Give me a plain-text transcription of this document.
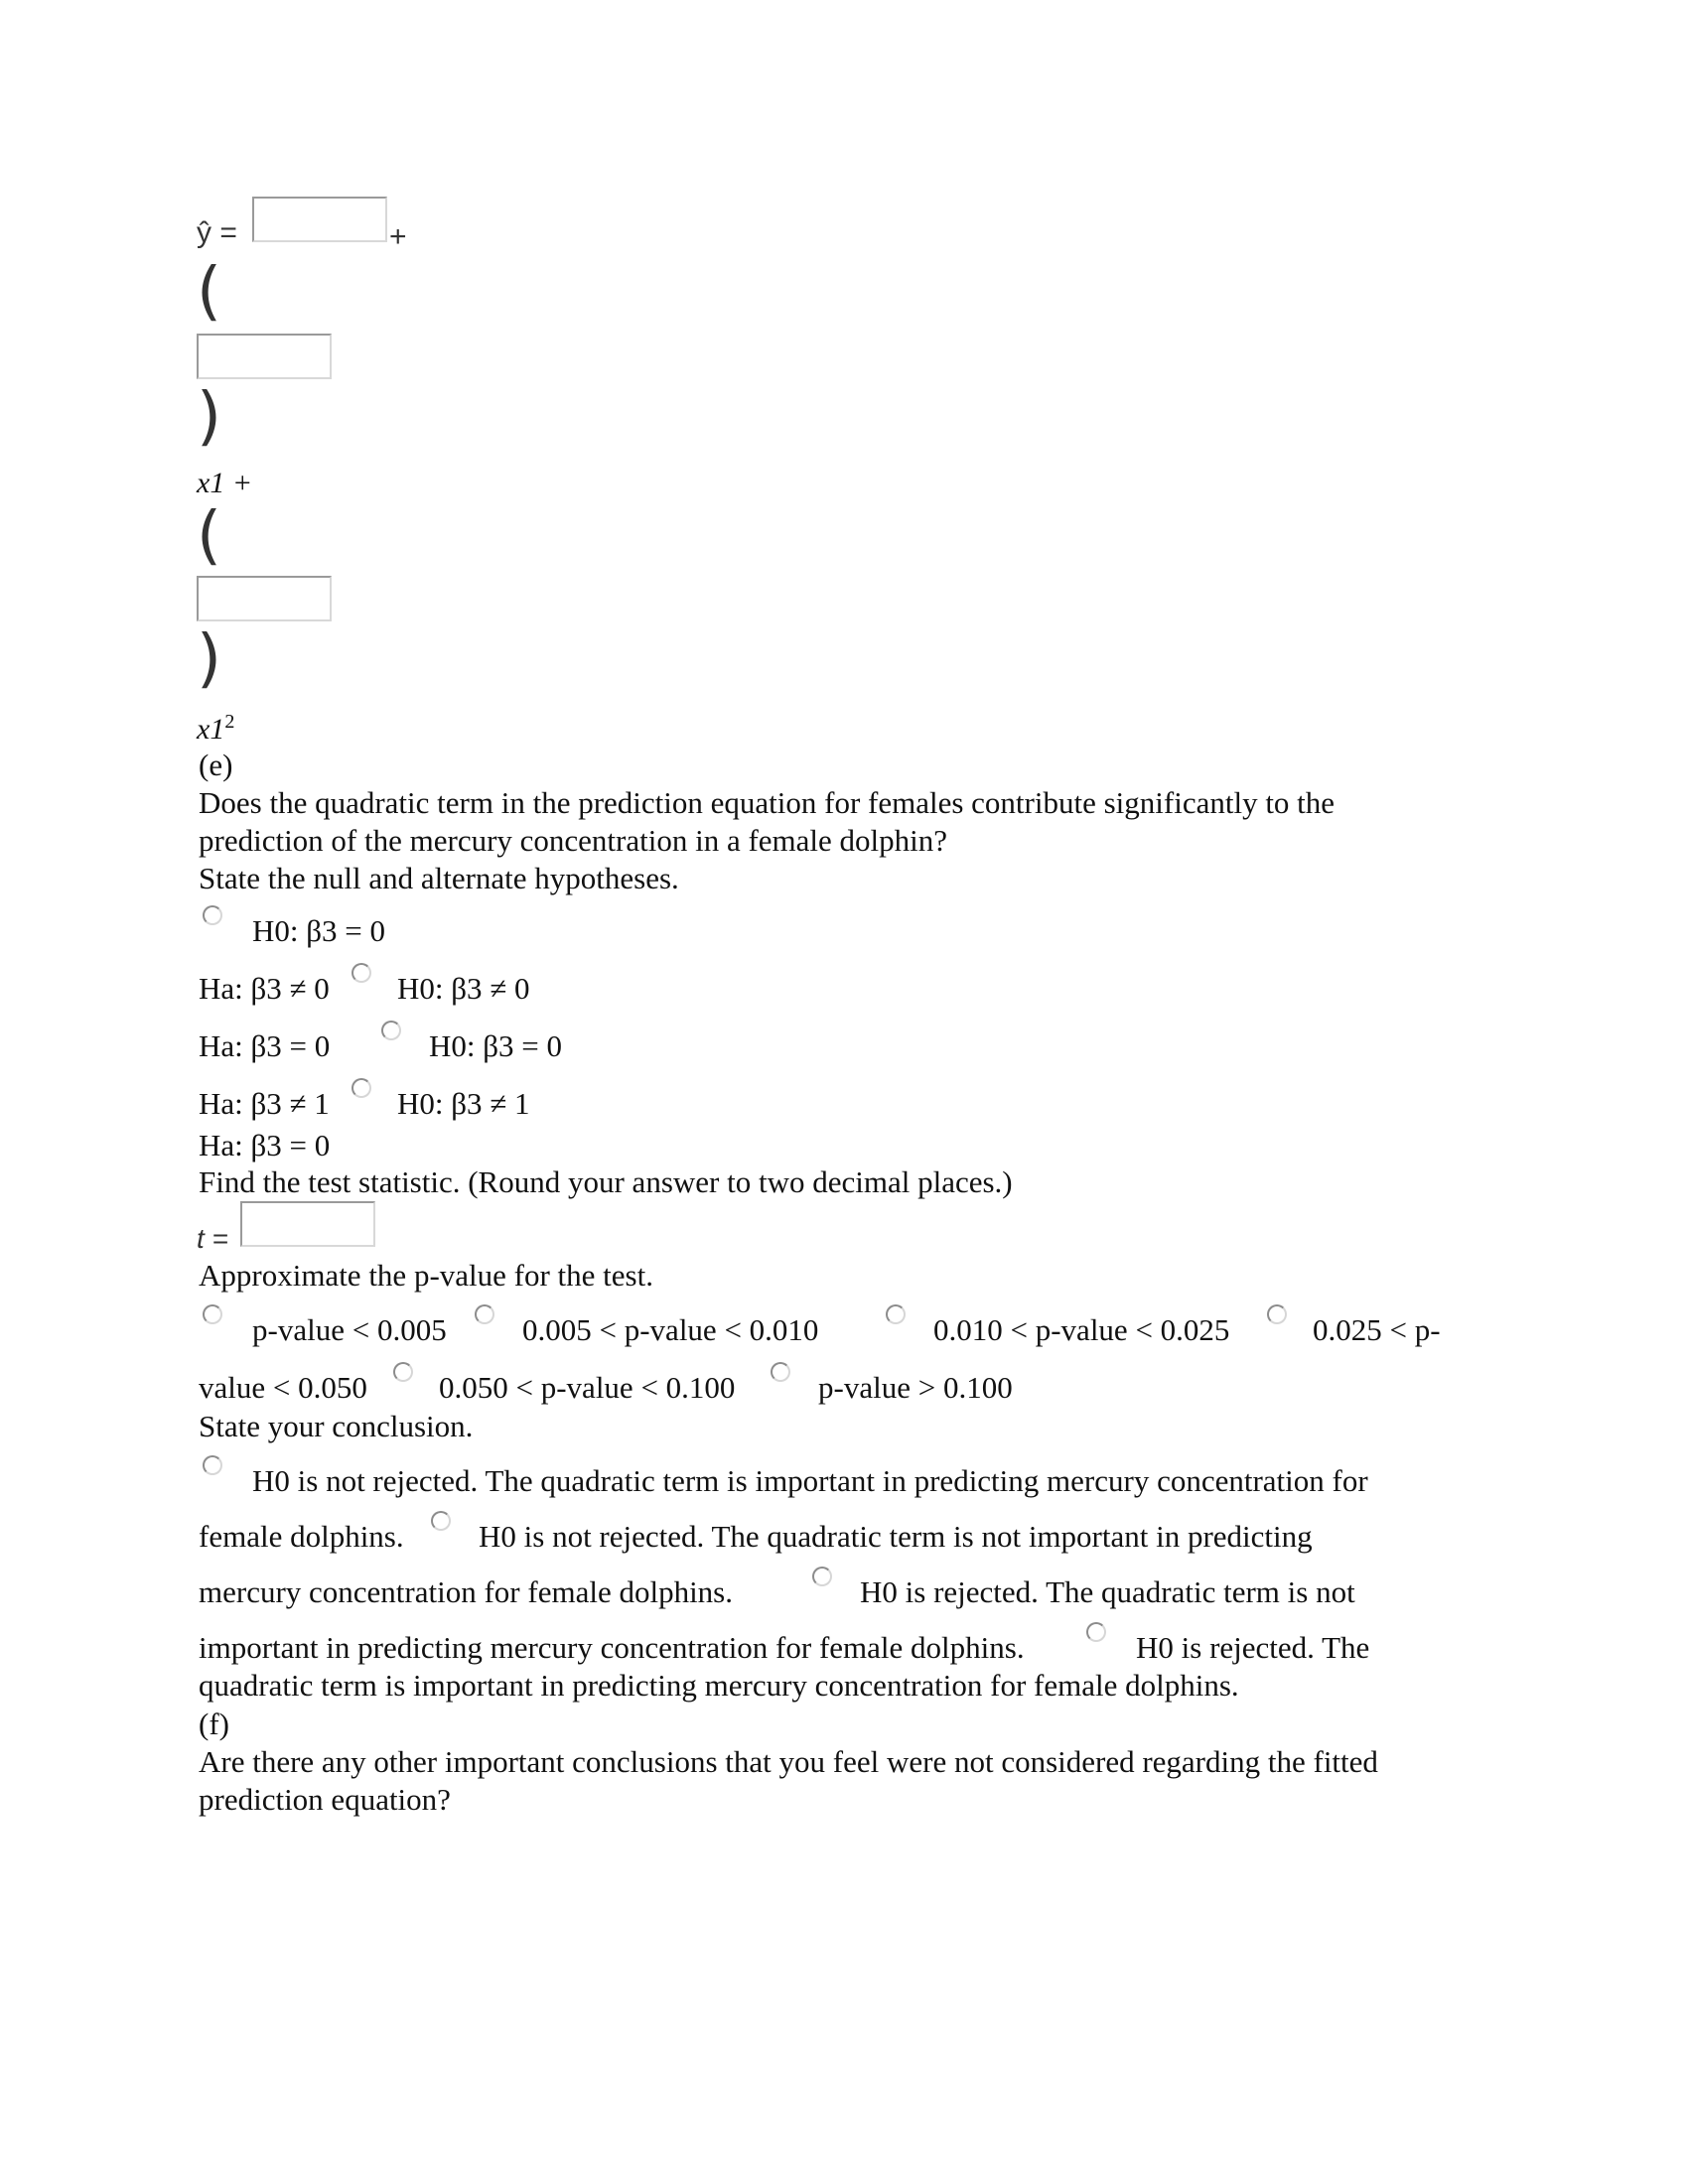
ŷ =	+
(
)
x1 +
(
)
$x1^2$
(e)
Does the quadratic term in the prediction equation for females contribute significantly to the
prediction of the mercury concentration in a female dolphin?
State the null and alternate hypotheses.
H0: β3 = 0
Ha: β3 ≠ 0 H0: β3 ≠ 0
Ha: β3 = 0	H0: β3 = 0
Ha: β3 ≠ 1 H0: β3 ≠ 1
Ha: β3 = 0
Find the test statistic. (Round your answer to two decimal places.)
t =
Approximate the p-value for the test.
p-value < 0.005 0.005 < p-value < 0.010	0.010 < p-value < 0.025	0.025 < p-
value < 0.050 0.050 < p-value < 0.100	p-value > 0.100
State your conclusion.
H0 is not rejected. The quadratic term is important in predicting mercury concentration for
female dolphins. H0 is not rejected. The quadratic term is not important in predicting
mercury concentration for female dolphins.	H0 is rejected. The quadratic term is not
important in predicting mercury concentration for female dolphins.	H0 is rejected. The
quadratic term is important in predicting mercury concentration for female dolphins.
(f)
Are there any other important conclusions that you feel were not considered regarding the fitted
prediction equation?
